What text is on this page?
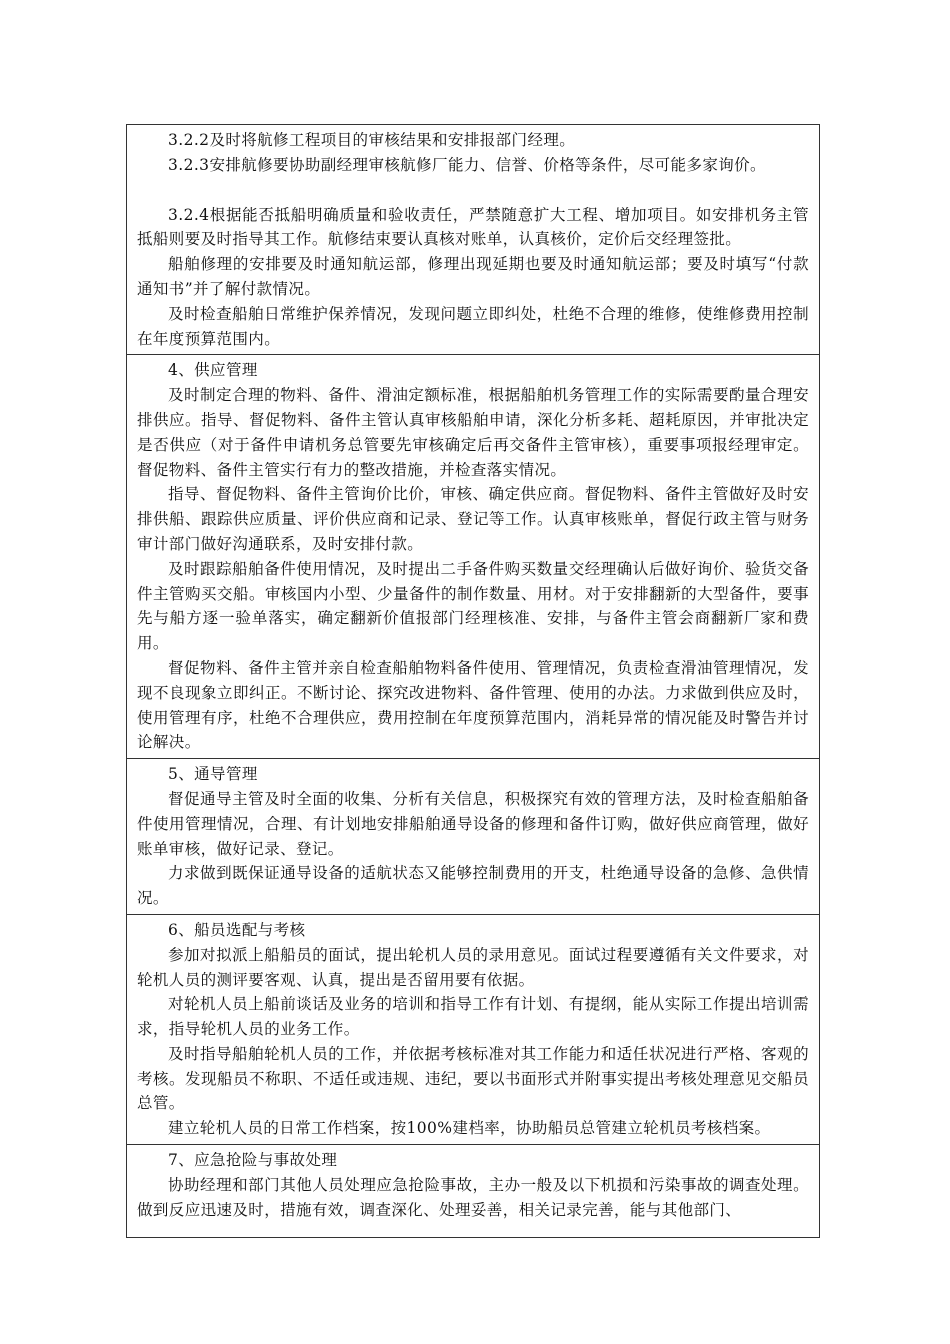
3.2.2及时将航修工程项目的审核结果和安排报部门经理。

3.2.3安排航修要协助副经理审核航修厂能力、信誉、价格等条件，尽可能多家询价。

3.2.4根据能否抵船明确质量和验收责任，严禁随意扩大工程、增加项目。如安排机务主管抵船则要及时指导其工作。航修结束要认真核对账单，认真核价，定价后交经理签批。

船舶修理的安排要及时通知航运部，修理出现延期也要及时通知航运部；要及时填写“付款通知书”并了解付款情况。

及时检查船舶日常维护保养情况，发现问题立即纠处，杜绝不合理的维修，使维修费用控制在年度预算范围内。

4、供应管理

及时制定合理的物料、备件、滑油定额标准，根据船舶机务管理工作的实际需要酌量合理安排供应。指导、督促物料、备件主管认真审核船舶申请，深化分析多耗、超耗原因，并审批决定是否供应（对于备件申请机务总管要先审核确定后再交备件主管审核），重要事项报经理审定。督促物料、备件主管实行有力的整改措施，并检查落实情况。

指导、督促物料、备件主管询价比价，审核、确定供应商。督促物料、备件主管做好及时安排供船、跟踪供应质量、评价供应商和记录、登记等工作。认真审核账单，督促行政主管与财务审计部门做好沟通联系，及时安排付款。

及时跟踪船舶备件使用情况，及时提出二手备件购买数量交经理确认后做好询价、验货交备件主管购买交船。审核国内小型、少量备件的制作数量、用材。对于安排翻新的大型备件，要事先与船方逐一验单落实，确定翻新价值报部门经理核准、安排，与备件主管会商翻新厂家和费用。

督促物料、备件主管并亲自检查船舶物料备件使用、管理情况，负责检查滑油管理情况，发现不良现象立即纠正。不断讨论、探究改进物料、备件管理、使用的办法。力求做到供应及时，使用管理有序，杜绝不合理供应，费用控制在年度预算范围内，消耗异常的情况能及时警告并讨论解决。

5、通导管理

督促通导主管及时全面的收集、分析有关信息，积极探究有效的管理方法，及时检查船舶备件使用管理情况，合理、有计划地安排船舶通导设备的修理和备件订购，做好供应商管理，做好账单审核，做好记录、登记。

力求做到既保证通导设备的适航状态又能够控制费用的开支，杜绝通导设备的急修、急供情况。

6、船员选配与考核

参加对拟派上船船员的面试，提出轮机人员的录用意见。面试过程要遵循有关文件要求，对轮机人员的测评要客观、认真，提出是否留用要有依据。

对轮机人员上船前谈话及业务的培训和指导工作有计划、有提纲，能从实际工作提出培训需求，指导轮机人员的业务工作。

及时指导船舶轮机人员的工作，并依据考核标准对其工作能力和适任状况进行严格、客观的考核。发现船员不称职、不适任或违规、违纪，要以书面形式并附事实提出考核处理意见交船员总管。

建立轮机人员的日常工作档案，按100%建档率，协助船员总管建立轮机员考核档案。

7、应急抢险与事故处理

协助经理和部门其他人员处理应急抢险事故，主办一般及以下机损和污染事故的调查处理。做到反应迅速及时，措施有效，调查深化、处理妥善，相关记录完善，能与其他部门、
